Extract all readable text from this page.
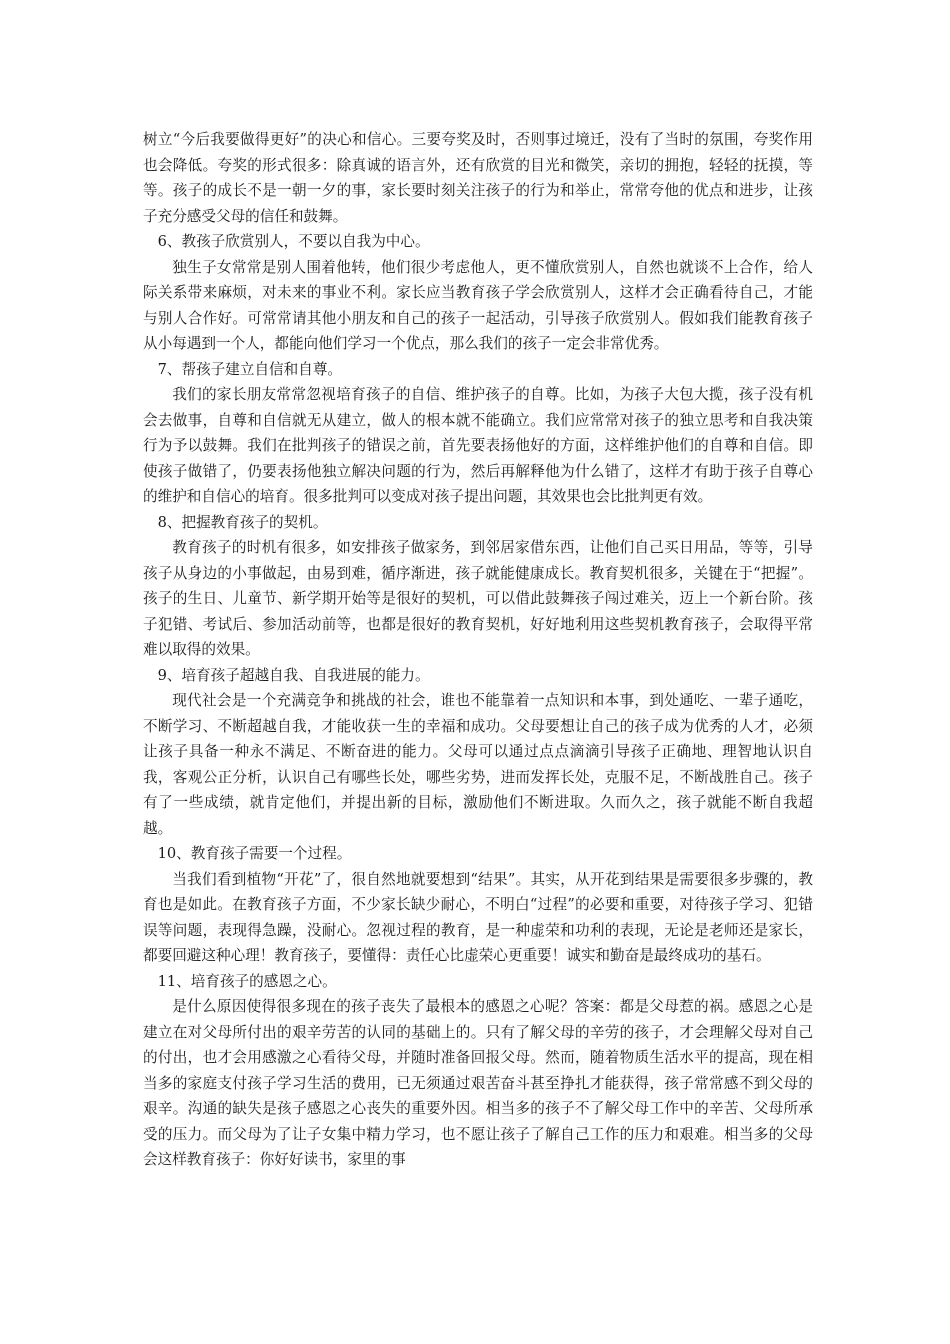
树立“今后我要做得更好”的决心和信心。三要夸奖及时，否则事过境迁，没有了当时的氛围，夸奖作用也会降低。夸奖的形式很多：除真诚的语言外，还有欣赏的目光和微笑，亲切的拥抱，轻轻的抚摸，等等。孩子的成长不是一朝一夕的事，家长要时刻关注孩子的行为和举止，常常夸他的优点和进步，让孩子充分感受父母的信任和鼓舞。

6、教孩子欣赏别人，不要以自我为中心。

独生子女常常是别人围着他转，他们很少考虑他人，更不懂欣赏别人，自然也就谈不上合作，给人际关系带来麻烦，对未来的事业不利。家长应当教育孩子学会欣赏别人，这样才会正确看待自己，才能与别人合作好。可常常请其他小朋友和自己的孩子一起活动，引导孩子欣赏别人。假如我们能教育孩子从小每遇到一个人，都能向他们学习一个优点，那么我们的孩子一定会非常优秀。

7、帮孩子建立自信和自尊。

我们的家长朋友常常忽视培育孩子的自信、维护孩子的自尊。比如，为孩子大包大揽，孩子没有机会去做事，自尊和自信就无从建立，做人的根本就不能确立。我们应常常对孩子的独立思考和自我决策行为予以鼓舞。我们在批判孩子的错误之前，首先要表扬他好的方面，这样维护他们的自尊和自信。即使孩子做错了，仍要表扬他独立解决问题的行为，然后再解释他为什么错了，这样才有助于孩子自尊心的维护和自信心的培育。很多批判可以变成对孩子提出问题，其效果也会比批判更有效。

8、把握教育孩子的契机。

教育孩子的时机有很多，如安排孩子做家务，到邻居家借东西，让他们自己买日用品，等等，引导孩子从身边的小事做起，由易到难，循序渐进，孩子就能健康成长。教育契机很多，关键在于“把握”。孩子的生日、儿童节、新学期开始等是很好的契机，可以借此鼓舞孩子闯过难关，迈上一个新台阶。孩子犯错、考试后、参加活动前等，也都是很好的教育契机，好好地利用这些契机教育孩子，会取得平常难以取得的效果。

9、培育孩子超越自我、自我进展的能力。

现代社会是一个充满竞争和挑战的社会，谁也不能靠着一点知识和本事，到处通吃、一辈子通吃，不断学习、不断超越自我，才能收获一生的幸福和成功。父母要想让自己的孩子成为优秀的人才，必须让孩子具备一种永不满足、不断奋进的能力。父母可以通过点点滴滴引导孩子正确地、理智地认识自我，客观公正分析，认识自己有哪些长处，哪些劣势，进而发挥长处，克服不足，不断战胜自己。孩子有了一些成绩，就肯定他们，并提出新的目标，激励他们不断进取。久而久之，孩子就能不断自我超越。

10、教育孩子需要一个过程。

当我们看到植物“开花”了，很自然地就要想到“结果”。其实，从开花到结果是需要很多步骤的，教育也是如此。在教育孩子方面，不少家长缺少耐心，不明白“过程”的必要和重要，对待孩子学习、犯错误等问题，表现得急躁，没耐心。忽视过程的教育，是一种虚荣和功利的表现，无论是老师还是家长，都要回避这种心理！教育孩子，要懂得：责任心比虚荣心更重要！诚实和勤奋是最终成功的基石。

11、培育孩子的感恩之心。

是什么原因使得很多现在的孩子丧失了最根本的感恩之心呢？答案：都是父母惹的祸。感恩之心是建立在对父母所付出的艰辛劳苦的认同的基础上的。只有了解父母的辛劳的孩子，才会理解父母对自己的付出，也才会用感激之心看待父母，并随时准备回报父母。然而，随着物质生活水平的提高，现在相当多的家庭支付孩子学习生活的费用，已无须通过艰苦奋斗甚至挣扎才能获得，孩子常常感不到父母的艰辛。沟通的缺失是孩子感恩之心丧失的重要外因。相当多的孩子不了解父母工作中的辛苦、父母所承受的压力。而父母为了让子女集中精力学习，也不愿让孩子了解自己工作的压力和艰难。相当多的父母会这样教育孩子：你好好读书，家里的事
